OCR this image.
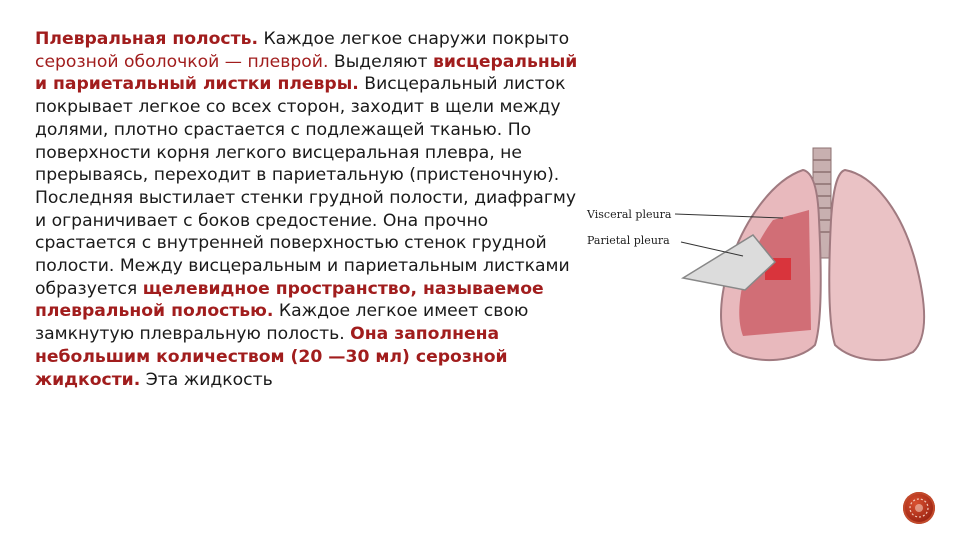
Плевральная полость. Каждое легкое снаружи покрыто серозной оболочкой — плеврой. Выделяют висцеральный и париетальный листки плевры. Висцеральный листок покрывает легкое со всех сторон, заходит в щели между долями, плотно срастается с подлежащей тканью. По поверхности корня легкого висцеральная плевра, не прерываясь, переходит в париетальную (пристеночную). Последняя выстилает стенки грудной полости, диафрагму и ограничивает с боков средостение. Она прочно срастается с внутренней поверхностью стенок грудной полости. Между висцеральным и париетальным листками образуется щелевидное пространство, называемое плевральной полостью. Каждое легкое имеет свою замкнутую плевральную полость. Она заполнена небольшим количеством (20 —30 мл) серозной жидкости. Эта жидкость

Visceral pleura
Parietal pleura
